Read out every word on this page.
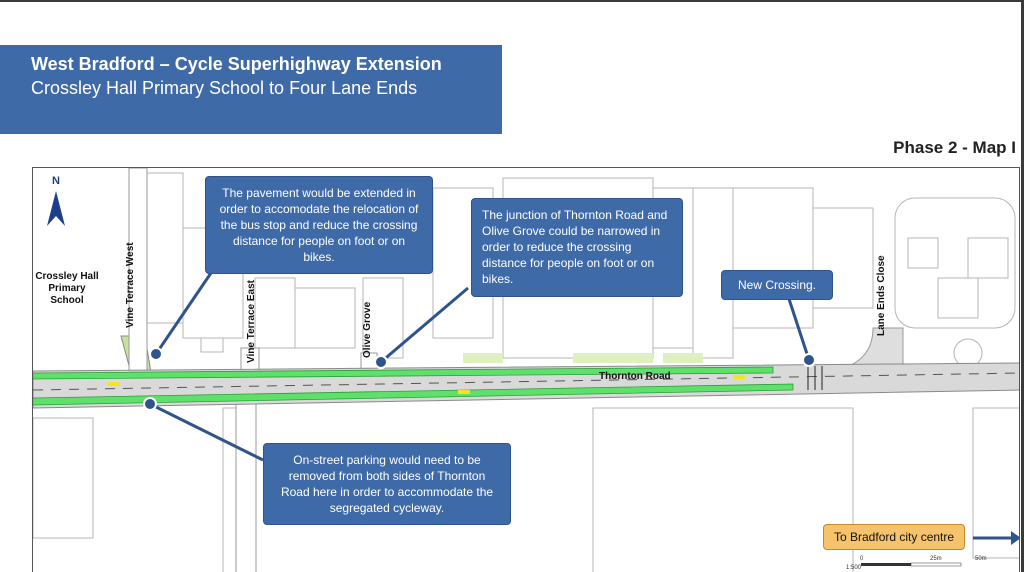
West Bradford – Cycle Superhighway Extension
Crossley Hall Primary School to Four Lane Ends
Phase 2 - Map I
N
Crossley Hall Primary School	Vine Terrace West	Vine Terrace East	Olive Grove	Lane Ends Close
Thornton Road
The pavement would be extended in order to accomodate the relocation of the bus stop and reduce the crossing distance for people on foot or on bikes.
The junction of Thornton Road and Olive Grove could be narrowed in order to reduce the crossing distance for people on foot or on bikes.	New Crossing.
On-street parking would need to be removed from both sides of Thornton Road here in order to accommodate the segregated cycleway.
To Bradford city centre
0	25m	50m
1:500
